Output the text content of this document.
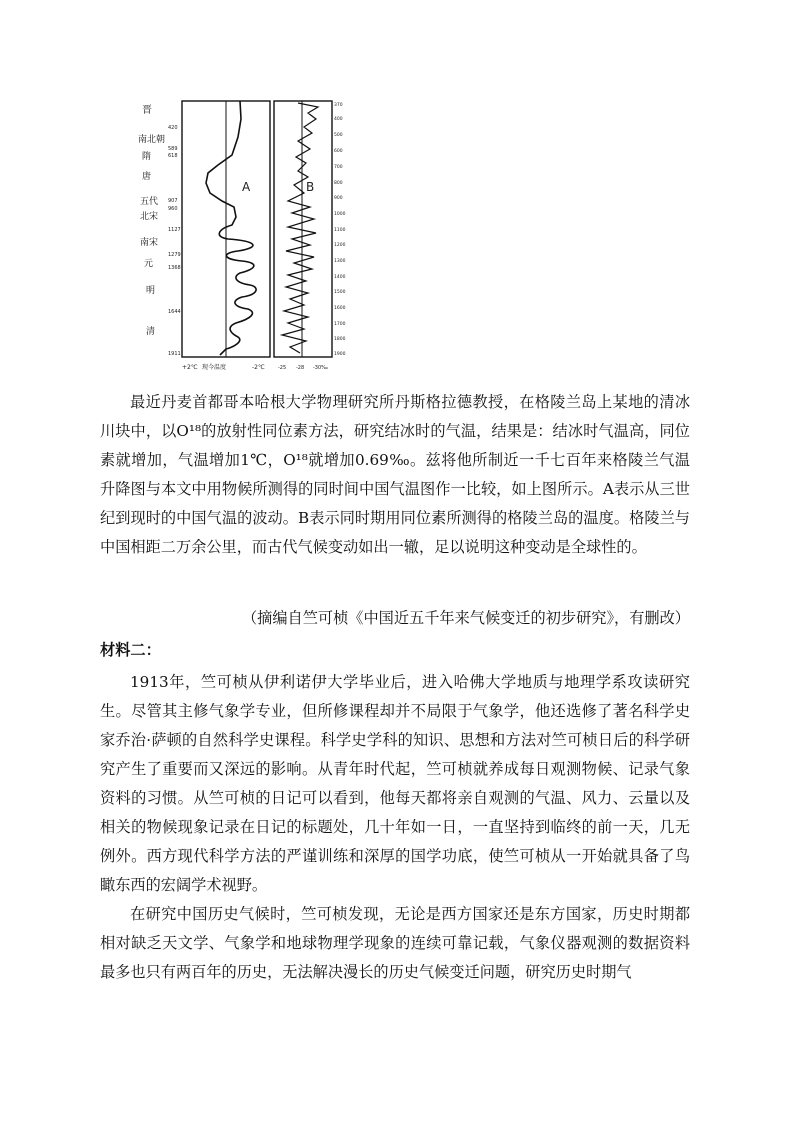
晋
南北朝
隋
唐
五代
北宋
南宋
元
明
清
420
589
618
907
960
1127
1279
1368
1644
1911
A	B
+2℃ 现今温度	-2℃	-25 -28 -30‰
370
400
500
600
700
800
900
1000
1100
1200
1300
1400
1500
1600
1700
1800
1900

最近丹麦首都哥本哈根大学物理研究所丹斯格拉德教授，在格陵兰岛上某地的清冰川块中，以O¹⁸的放射性同位素方法，研究结冰时的气温，结果是：结冰时气温高，同位素就增加，气温增加1℃，O¹⁸就增加0.69‰。兹将他所制近一千七百年来格陵兰气温升降图与本文中用物候所测得的同时间中国气温图作一比较，如上图所示。A表示从三世纪到现时的中国气温的波动。B表示同时期用同位素所测得的格陵兰岛的温度。格陵兰与中国相距二万余公里，而古代气候变动如出一辙，足以说明这种变动是全球性的。

（摘编自竺可桢《中国近五千年来气候变迁的初步研究》，有删改）
材料二：

1913年，竺可桢从伊利诺伊大学毕业后，进入哈佛大学地质与地理学系攻读研究生。尽管其主修气象学专业，但所修课程却并不局限于气象学，他还选修了著名科学史家乔治·萨顿的自然科学史课程。科学史学科的知识、思想和方法对竺可桢日后的科学研究产生了重要而又深远的影响。从青年时代起，竺可桢就养成每日观测物候、记录气象资料的习惯。从竺可桢的日记可以看到，他每天都将亲自观测的气温、风力、云量以及相关的物候现象记录在日记的标题处，几十年如一日，一直坚持到临终的前一天，几无例外。西方现代科学方法的严谨训练和深厚的国学功底，使竺可桢从一开始就具备了鸟瞰东西的宏阔学术视野。

在研究中国历史气候时，竺可桢发现，无论是西方国家还是东方国家，历史时期都相对缺乏天文学、气象学和地球物理学现象的连续可靠记载，气象仪器观测的数据资料最多也只有两百年的历史，无法解决漫长的历史气候变迁问题，研究历史时期气
